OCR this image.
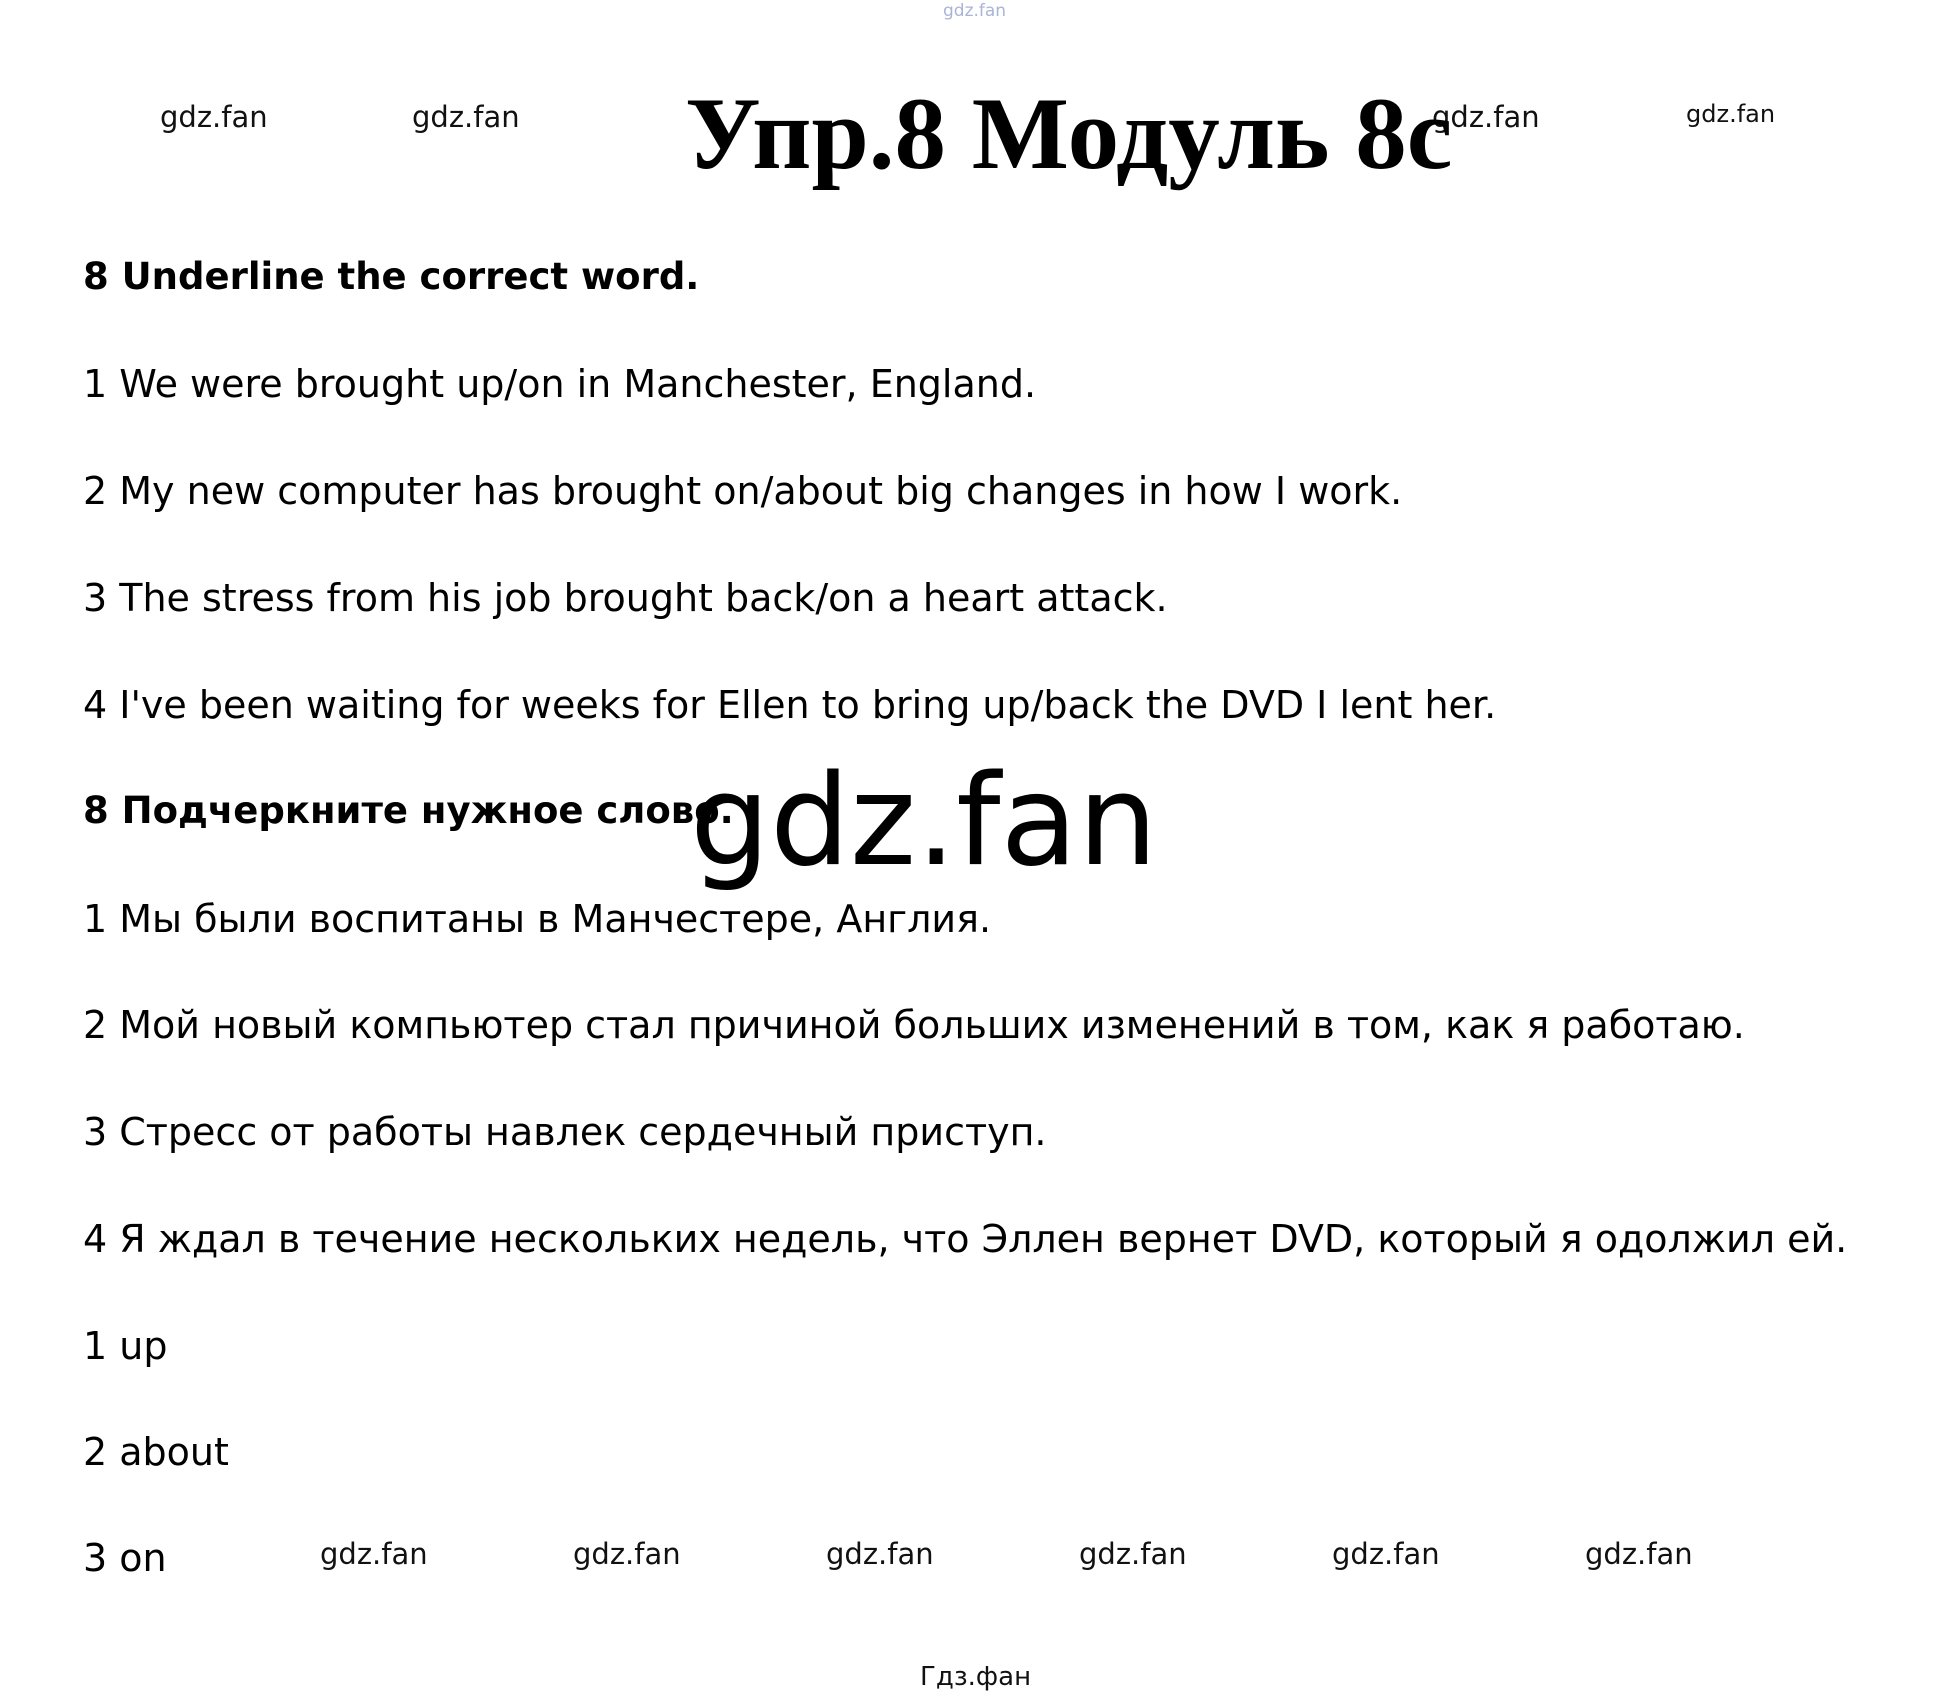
gdz.fan
gdz.fan	gdz.fan	gdz.fan	gdz.fan
Упр.8 Модуль 8c
8 Underline the correct word.
1 We were brought up/on in Manchester, England.
2 My new computer has brought on/about big changes in how I work.
3 The stress from his job brought back/on a heart attack.
4 I've been waiting for weeks for Ellen to bring up/back the DVD I lent her.
8 Подчеркните нужное слово.
1 Мы были воспитаны в Манчестере, Англия.
2 Мой новый компьютер стал причиной больших изменений в том, как я работаю.
3 Стресс от работы навлек сердечный приступ.
4 Я ждал в течение нескольких недель, что Эллен вернет DVD, который я одолжил ей.
gdz.fan
1 up
2 about
3 on	gdz.fan	gdz.fan	gdz.fan	gdz.fan	gdz.fan	gdz.fan
Гдз.фан
